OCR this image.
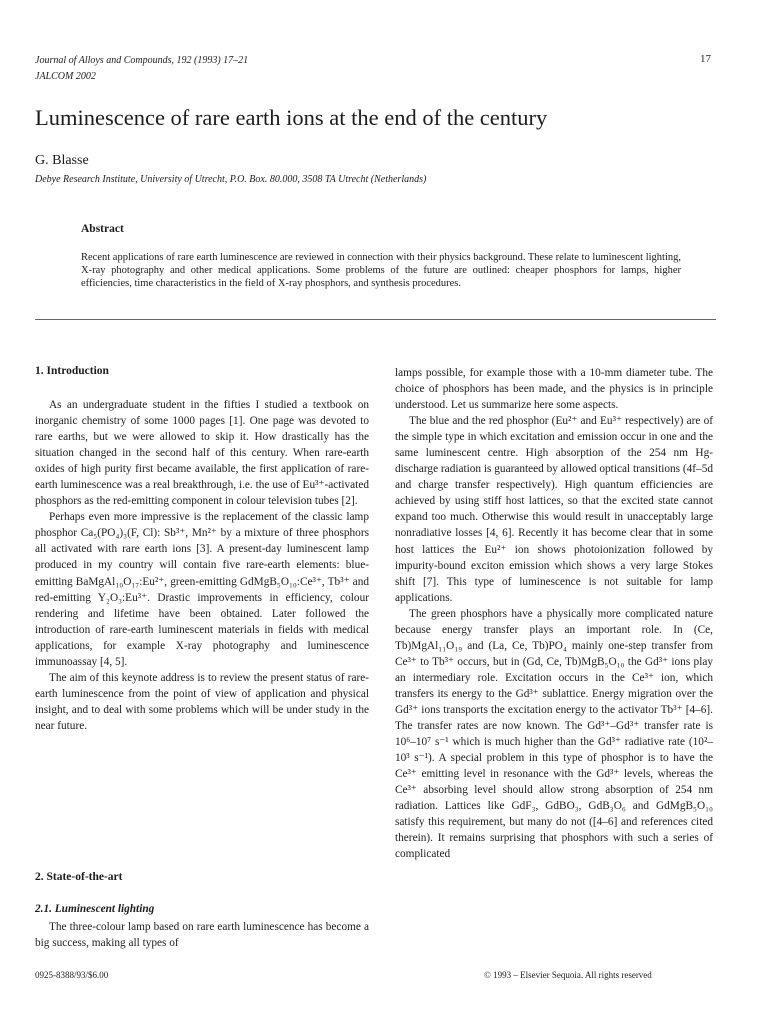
Journal of Alloys and Compounds, 192 (1993) 17–21
JALCOM 2002
17
Luminescence of rare earth ions at the end of the century
G. Blasse
Debye Research Institute, University of Utrecht, P.O. Box. 80.000, 3508 TA Utrecht (Netherlands)
Abstract
Recent applications of rare earth luminescence are reviewed in connection with their physics background. These relate to luminescent lighting, X-ray photography and other medical applications. Some problems of the future are outlined: cheaper phosphors for lamps, higher efficiencies, time characteristics in the field of X-ray phosphors, and synthesis procedures.
1. Introduction

As an undergraduate student in the fifties I studied a textbook on inorganic chemistry of some 1000 pages [1]. One page was devoted to rare earths, but we were allowed to skip it. How drastically has the situation changed in the second half of this century. When rare-earth oxides of high purity first became available, the first application of rare-earth luminescence was a real breakthrough, i.e. the use of Eu³⁺-activated phosphors as the red-emitting component in colour television tubes [2].

Perhaps even more impressive is the replacement of the classic lamp phosphor Ca₅(PO₄)₃(F, Cl): Sb³⁺, Mn²⁺ by a mixture of three phosphors all activated with rare earth ions [3]. A present-day luminescent lamp produced in my country will contain five rare-earth elements: blue-emitting BaMgAl₁₀O₁₇:Eu²⁺, green-emitting GdMgB₅O₁₀:Ce³⁺, Tb³⁺ and red-emitting Y₂O₃:Eu³⁺. Drastic improvements in efficiency, colour rendering and lifetime have been obtained. Later followed the introduction of rare-earth luminescent materials in fields with medical applications, for example X-ray photography and luminescence immunoassay [4, 5].

The aim of this keynote address is to review the present status of rare-earth luminescence from the point of view of application and physical insight, and to deal with some problems which will be under study in the near future.

2. State-of-the-art
2.1. Luminescent lighting

The three-colour lamp based on rare earth luminescence has become a big success, making all types of

lamps possible, for example those with a 10-mm diameter tube. The choice of phosphors has been made, and the physics is in principle understood. Let us summarize here some aspects.

The blue and the red phosphor (Eu²⁺ and Eu³⁺ respectively) are of the simple type in which excitation and emission occur in one and the same luminescent centre. High absorption of the 254 nm Hg-discharge radiation is guaranteed by allowed optical transitions (4f–5d and charge transfer respectively). High quantum efficiencies are achieved by using stiff host lattices, so that the excited state cannot expand too much. Otherwise this would result in unacceptably large nonradiative losses [4, 6]. Recently it has become clear that in some host lattices the Eu²⁺ ion shows photoionization followed by impurity-bound exciton emission which shows a very large Stokes shift [7]. This type of luminescence is not suitable for lamp applications.

The green phosphors have a physically more complicated nature because energy transfer plays an important role. In (Ce, Tb)MgAl₁₁O₁₉ and (La, Ce, Tb)PO₄ mainly one-step transfer from Ce³⁺ to Tb³⁺ occurs, but in (Gd, Ce, Tb)MgB₅O₁₀ the Gd³⁺ ions play an intermediary role. Excitation occurs in the Ce³⁺ ion, which transfers its energy to the Gd³⁺ sublattice. Energy migration over the Gd³⁺ ions transports the excitation energy to the activator Tb³⁺ [4–6]. The transfer rates are now known. The Gd³⁺–Gd³⁺ transfer rate is 10⁶–10⁷ s⁻¹ which is much higher than the Gd³⁺ radiative rate (10²–10³ s⁻¹). A special problem in this type of phosphor is to have the Ce³⁺ emitting level in resonance with the Gd³⁺ levels, whereas the Ce³⁺ absorbing level should allow strong absorption of 254 nm radiation. Lattices like GdF₃, GdBO₃, GdB₃O₆ and GdMgB₅O₁₀ satisfy this requirement, but many do not ([4–6] and references cited therein). It remains surprising that phosphors with such a series of complicated

0925-8388/93/$6.00	© 1993 – Elsevier Sequoia. All rights reserved
